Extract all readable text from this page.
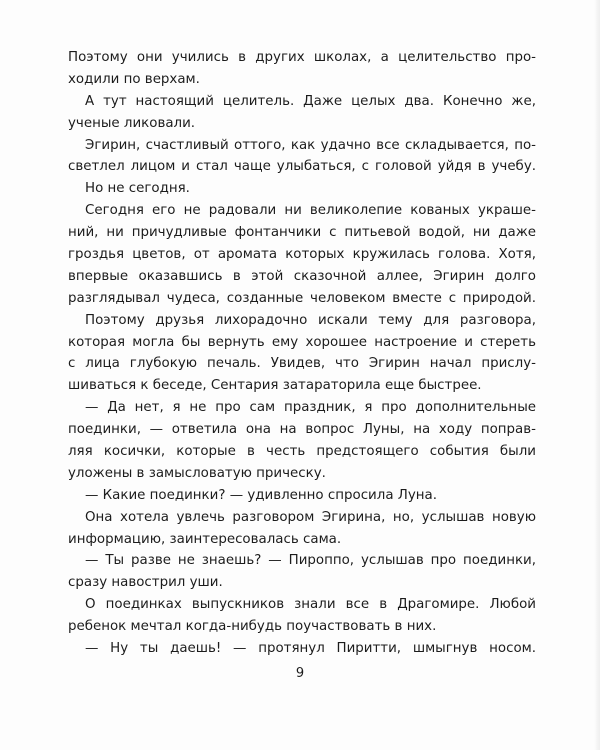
Поэтому они учились в других школах, а целительство про-
ходили по верхам.
А тут настоящий целитель. Даже целых два. Конечно же,
ученые ликовали.
Эгирин, счастливый оттого, как удачно все складывается, по-
светлел лицом и стал чаще улыбаться, с головой уйдя в учебу.
Но не сегодня.
Сегодня его не радовали ни великолепие кованых украше-
ний, ни причудливые фонтанчики с питьевой водой, ни даже
гроздья цветов, от аромата которых кружилась голова. Хотя,
впервые оказавшись в этой сказочной аллее, Эгирин долго
разглядывал чудеса, созданные человеком вместе с природой.
Поэтому друзья лихорадочно искали тему для разговора,
которая могла бы вернуть ему хорошее настроение и стереть
с лица глубокую печаль. Увидев, что Эгирин начал прислу-
шиваться к беседе, Сентария затараторила еще быстрее.
— Да нет, я не про сам праздник, я про дополнительные
поединки, — ответила она на вопрос Луны, на ходу поправ-
ляя косички, которые в честь предстоящего события были
уложены в замысловатую прическу.
— Какие поединки? — удивленно спросила Луна.
Она хотела увлечь разговором Эгирина, но, услышав новую
информацию, заинтересовалась сама.
— Ты разве не знаешь? — Пироппо, услышав про поединки,
сразу навострил уши.
О поединках выпускников знали все в Драгомире. Любой
ребенок мечтал когда-нибудь поучаствовать в них.
— Ну ты даешь! — протянул Пиритти, шмыгнув носом.
9
